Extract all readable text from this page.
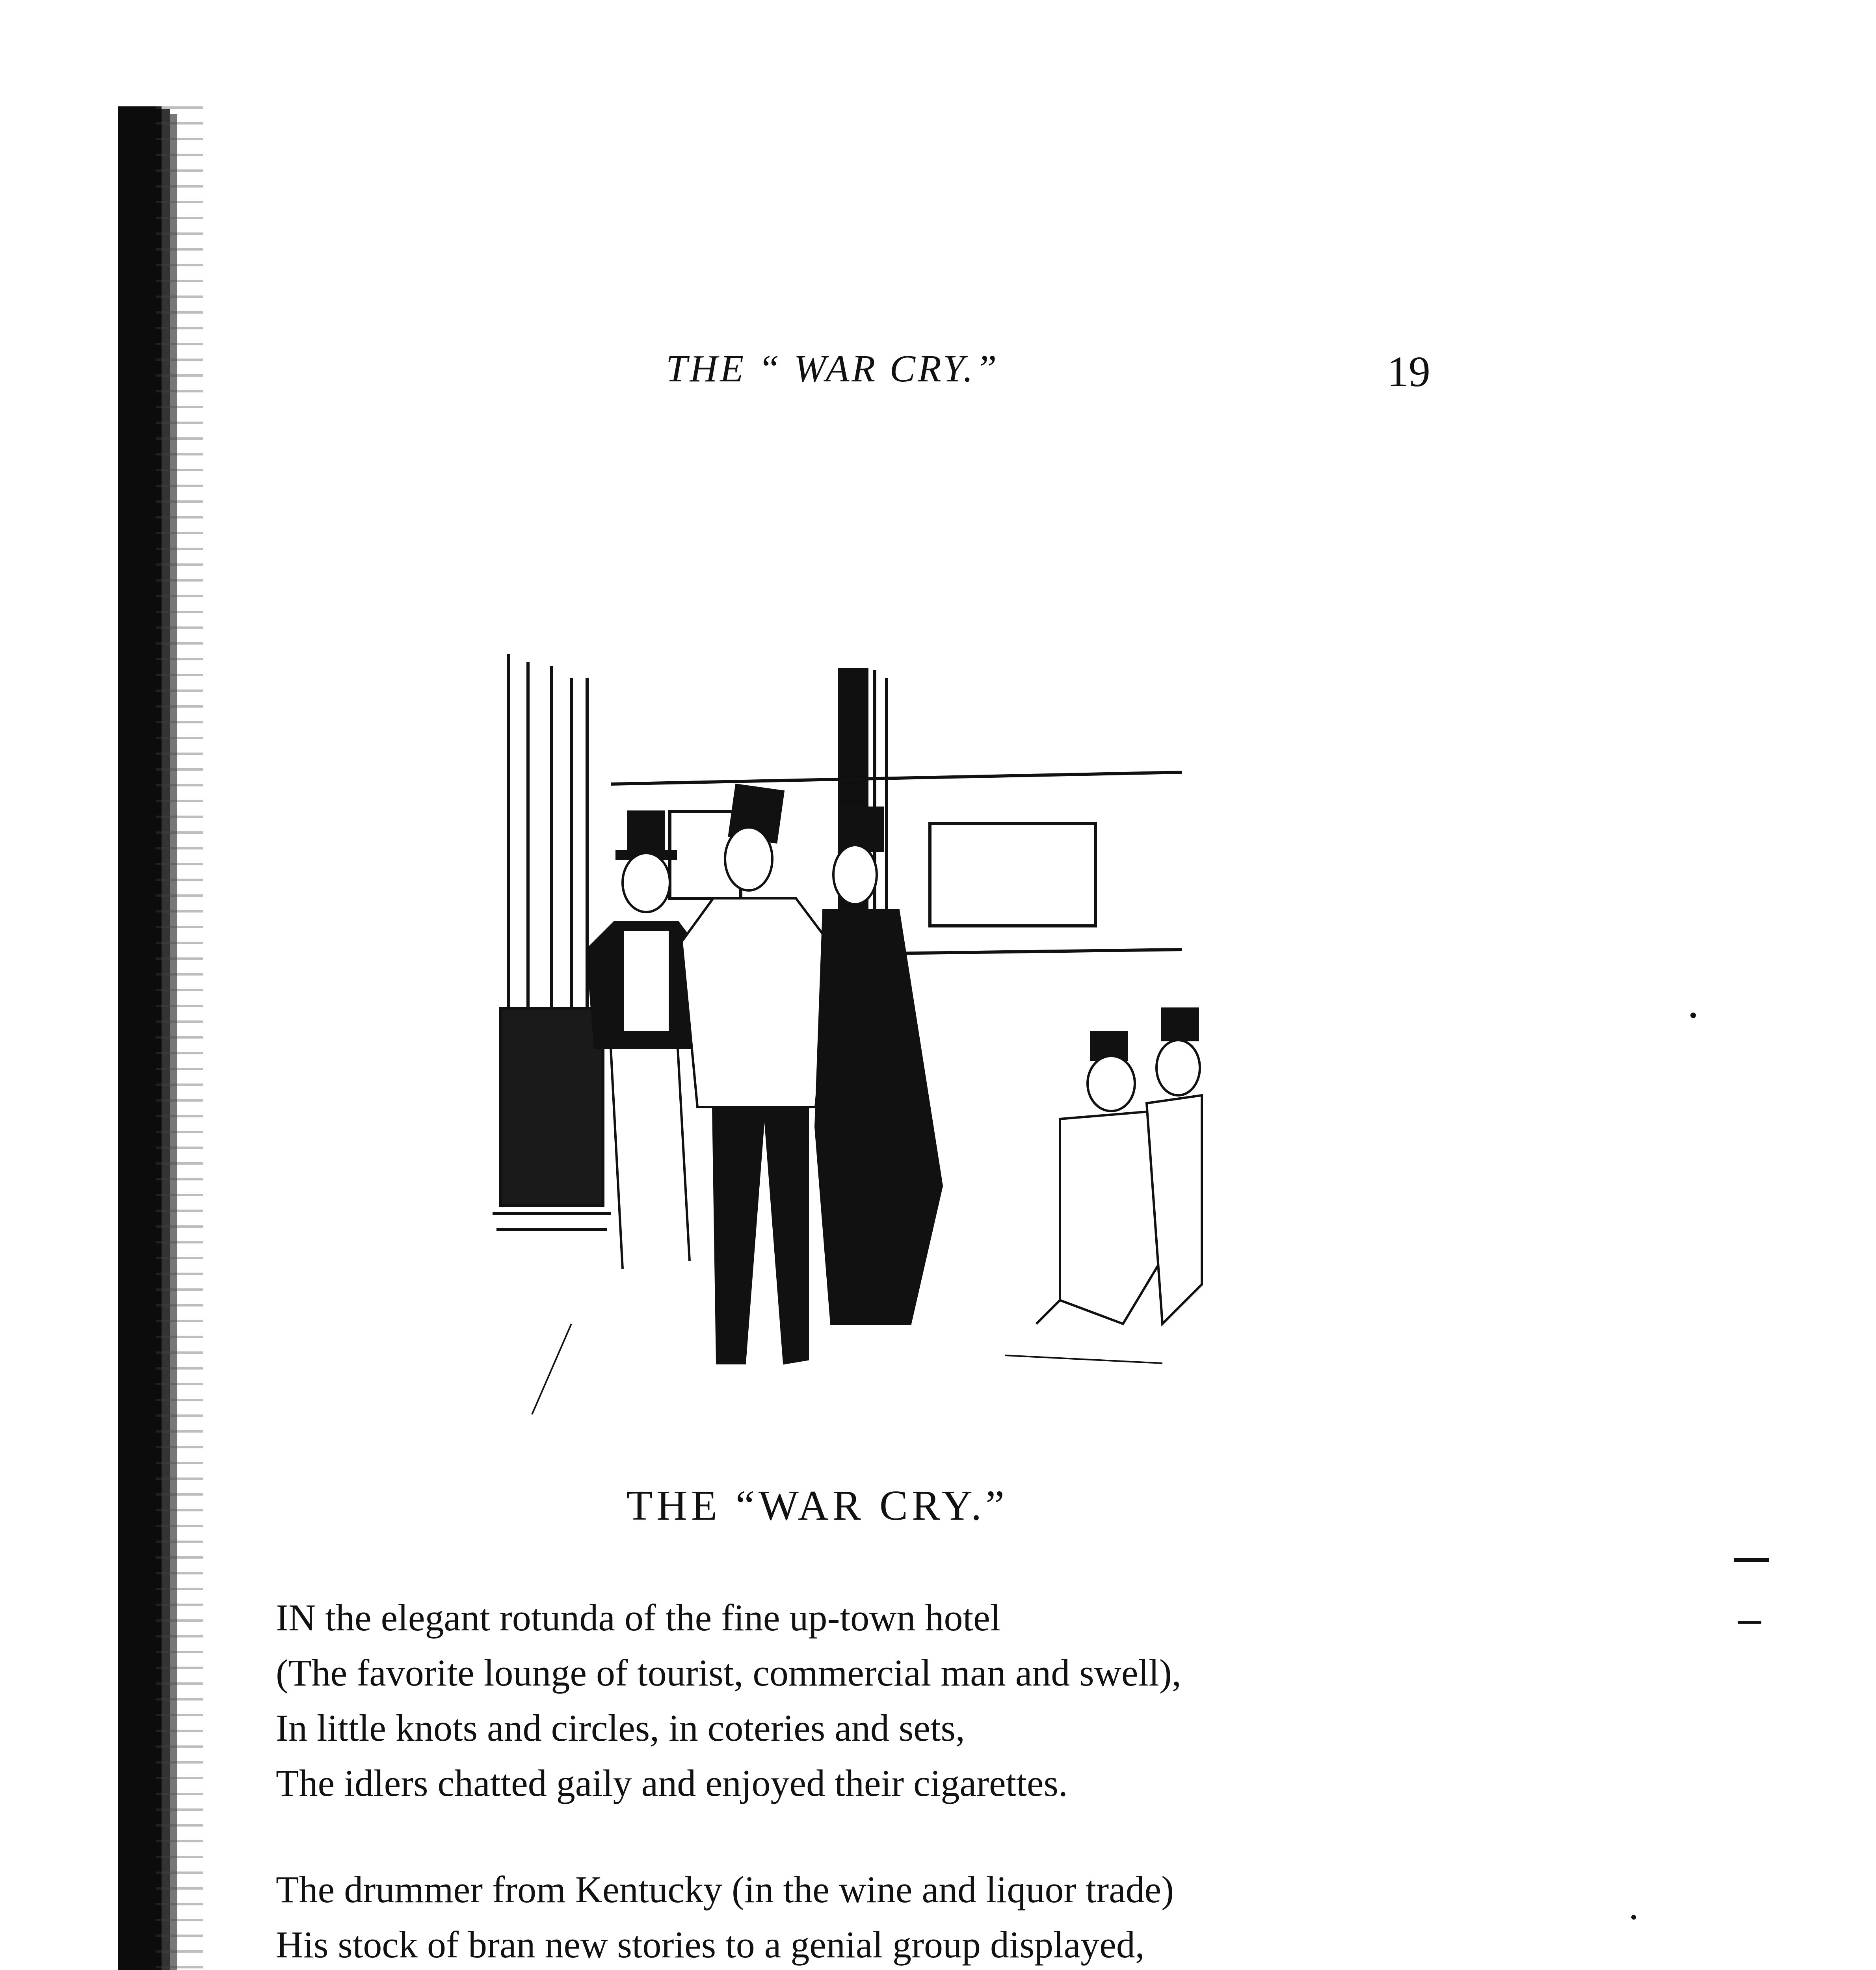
THE “ WAR CRY.”	19
THE “WAR CRY.”
IN the elegant rotunda of the fine up-town hotel
(The favorite lounge of tourist, commercial man and swell),
In little knots and circles, in coteries and sets,
The idlers chatted gaily and enjoyed their cigarettes.
The drummer from Kentucky (in the wine and liquor trade)
His stock of bran new stories to a genial group displayed,
